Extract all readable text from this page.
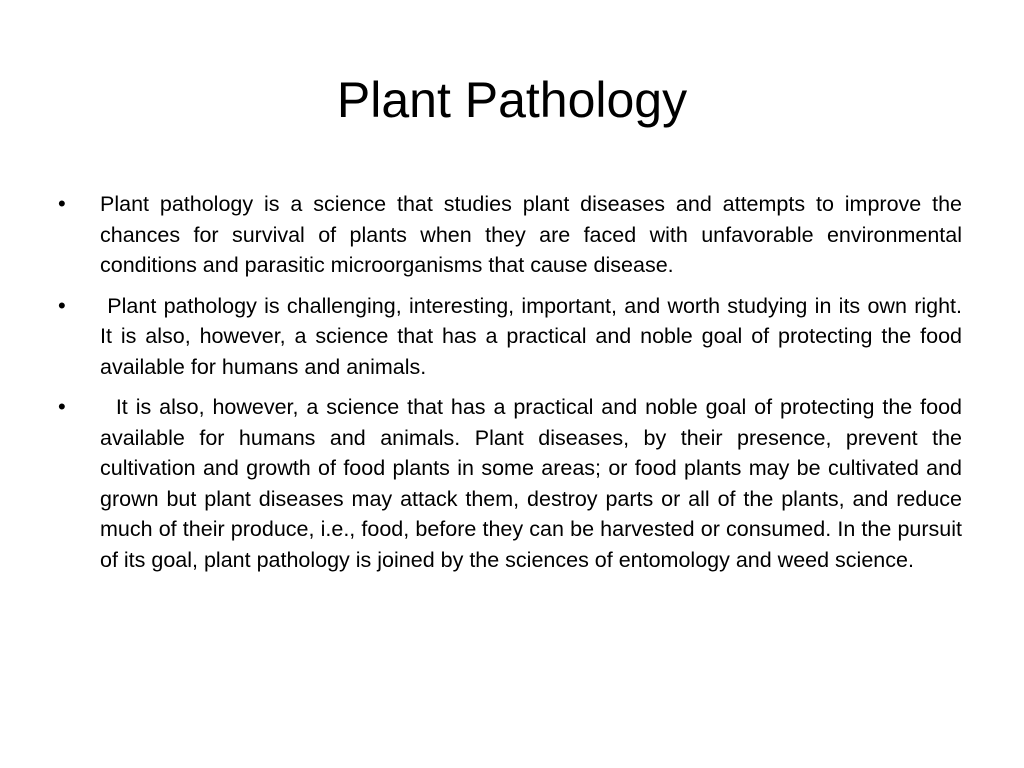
Plant Pathology
• Plant pathology is a science that studies plant diseases and attempts to improve the chances for survival of plants when they are faced with unfavorable environmental conditions and parasitic microorganisms that cause disease.
• Plant pathology is challenging, interesting, important, and worth studying in its own right. It is also, however, a science that has a practical and noble goal of protecting the food available for humans and animals.
• It is also, however, a science that has a practical and noble goal of protecting the food available for humans and animals. Plant diseases, by their presence, prevent the cultivation and growth of food plants in some areas; or food plants may be cultivated and grown but plant diseases may attack them, destroy parts or all of the plants, and reduce much of their produce, i.e., food, before they can be harvested or consumed. In the pursuit of its goal, plant pathology is joined by the sciences of entomology and weed science.
